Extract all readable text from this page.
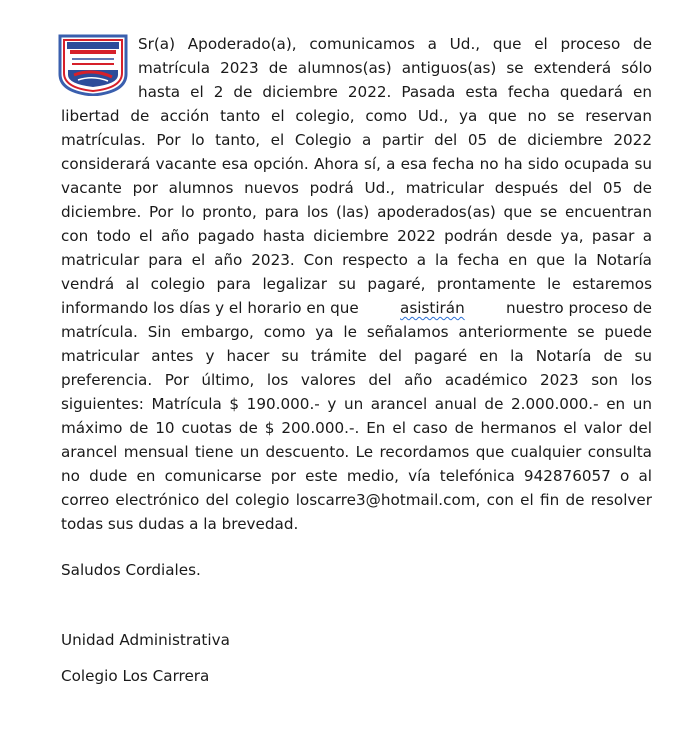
Sr(a) Apoderado(a), comunicamos a Ud., que el proceso de
matrícula 2023 de alumnos(as) antiguos(as) se extenderá sólo
hasta el 2 de diciembre 2022. Pasada esta fecha quedará en
libertad de acción tanto el colegio, como Ud., ya que no se reservan
matrículas. Por lo tanto, el Colegio a partir del 05 de diciembre 2022
considerará vacante esa opción. Ahora sí, a esa fecha no ha sido ocupada su
vacante por alumnos nuevos podrá Ud., matricular después del 05 de
diciembre. Por lo pronto, para los (las) apoderados(as) que se encuentran
con todo el año pagado hasta diciembre 2022 podrán desde ya, pasar a
matricular para el año 2023. Con respecto a la fecha en que la Notaría
vendrá al colegio para legalizar su pagaré, prontamente le estaremos
informando los días y el horario en que	asistirán	nuestro proceso de
matrícula. Sin embargo, como ya le señalamos anteriormente se puede
matricular antes y hacer su trámite del pagaré en la Notaría de su
preferencia. Por último, los valores del año académico 2023 son los
siguientes: Matrícula $ 190.000.- y un arancel anual de 2.000.000.- en un
máximo de 10 cuotas de $ 200.000.-. En el caso de hermanos el valor del
arancel mensual tiene un descuento. Le recordamos que cualquier consulta
no dude en comunicarse por este medio, vía telefónica 942876057 o al
correo electrónico del colegio loscarre3@hotmail.com, con el fin de resolver
todas sus dudas a la brevedad.
Saludos Cordiales.
Unidad Administrativa
Colegio Los Carrera
